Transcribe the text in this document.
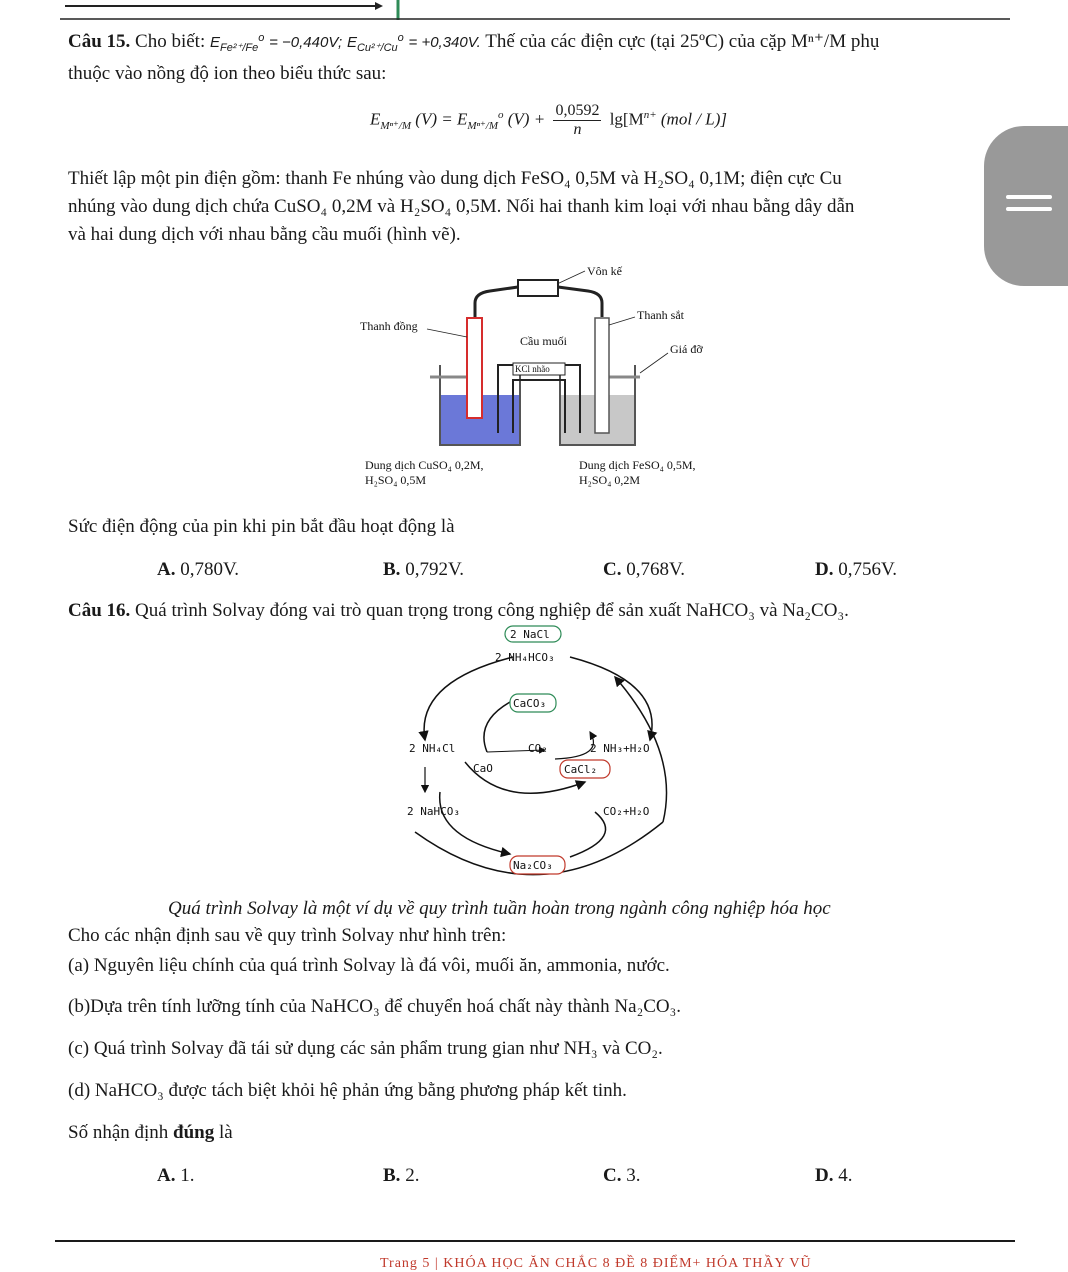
Câu 15. Cho biết: $E_{Fe^{2+}/Fe}^o = -0,440V$; $E_{Cu^{2+}/Cu}^o = +0,340V$. Thế của các điện cực (tại 25ºC) của cặp Mⁿ⁺/M phụ
thuộc vào nồng độ ion theo biểu thức sau:
$E_{M^{n+}/M}$ $(V) = E_{M^{n+}/M}^o$ $(V) + \frac{0,0592}{n} \lg[M^{n+}$ (mol / L)]
Thiết lập một pin điện gồm: thanh Fe nhúng vào dung dịch FeSO₄ 0,5M và H₂SO₄ 0,1M; điện cực Cu
nhúng vào dung dịch chứa CuSO₄ 0,2M và H₂SO₄ 0,5M. Nối hai thanh kim loại với nhau bằng dây dẫn
và hai dung dịch với nhau bằng cầu muối (hình vẽ).
Vôn kế
KCl nhão
Cầu muối
Thanh đồng
Thanh sắt
Giá đỡ
Dung dịch CuSO₄ 0,2M,
H₂SO₄ 0,5M
Dung dịch FeSO₄ 0,5M,
H₂SO₄ 0,2M
Sức điện động của pin khi pin bắt đầu hoạt động là
A. 0,780V.	B. 0,792V.	C. 0,768V.	D. 0,756V.
Câu 16. Quá trình Solvay đóng vai trò quan trọng trong công nghiệp để sản xuất NaHCO₃ và Na₂CO₃.
2 NaCl
2 NH₄HCO₃
CaCO₃
2 NH₄Cl	CO₂	2 NH₃+H₂O
CaO	CaCl₂
2 NaHCO₃	CO₂+H₂O
Na₂CO₃
Quá trình Solvay là một ví dụ về quy trình tuần hoàn trong ngành công nghiệp hóa học
Cho các nhận định sau về quy trình Solvay như hình trên:
(a) Nguyên liệu chính của quá trình Solvay là đá vôi, muối ăn, ammonia, nước.
(b)Dựa trên tính lưỡng tính của NaHCO₃ để chuyển hoá chất này thành Na₂CO₃.
(c) Quá trình Solvay đã tái sử dụng các sản phẩm trung gian như NH₃ và CO₂.
(d) NaHCO₃ được tách biệt khỏi hệ phản ứng bằng phương pháp kết tinh.
Số nhận định đúng là
A. 1.	B. 2.	C. 3.	D. 4.
Trang 5 | KHÓA HỌC ĂN CHẮC 8 ĐỀ 8 ĐIỂM+ HÓA THẦY VŨ
